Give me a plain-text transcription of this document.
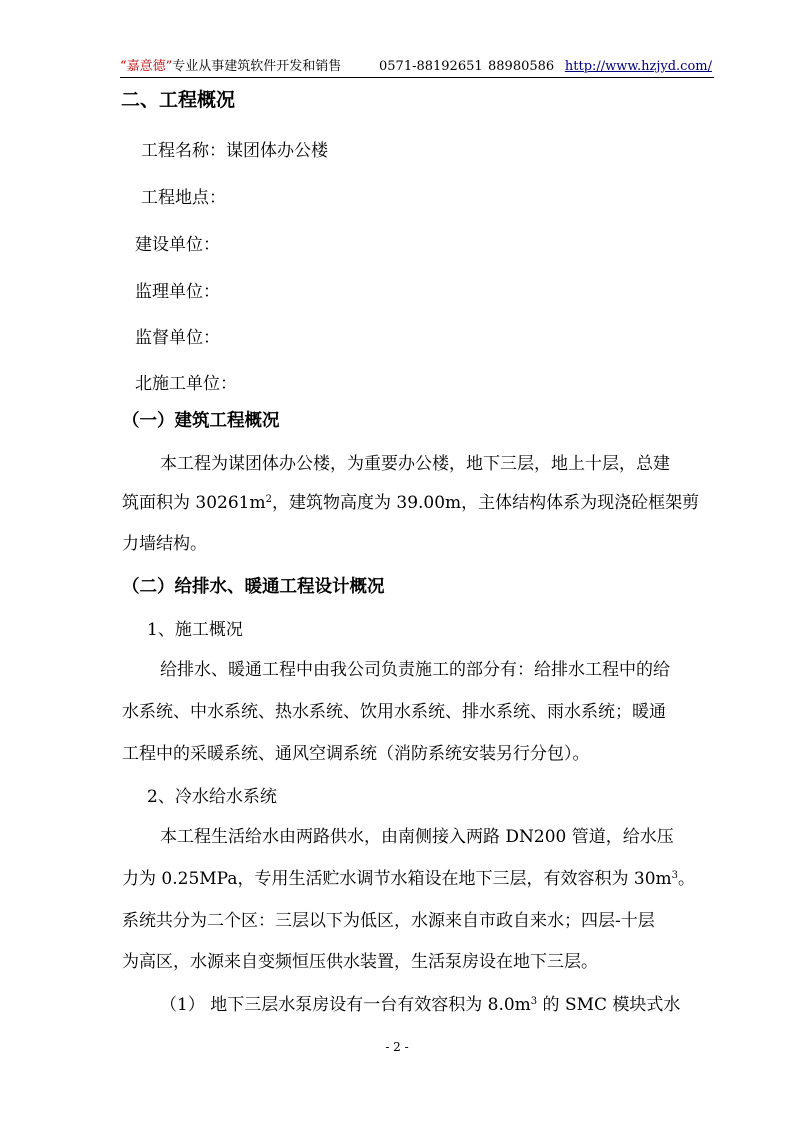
“嘉意德”专业从事建筑软件开发和销售	0571-88192651 88980586 http://www.hzjyd.com/
二、工程概况
工程名称：谋团体办公楼
工程地点：
建设单位：
监理单位：
监督单位：
北施工单位：
（一）建筑工程概况
本工程为谋团体办公楼，为重要办公楼，地下三层，地上十层，总建
筑面积为 $30261m^2$，建筑物高度为 39.00m，主体结构体系为现浇砼框架剪
力墙结构。
（二）给排水、暖通工程设计概况
1、施工概况
给排水、暖通工程中由我公司负责施工的部分有：给排水工程中的给
水系统、中水系统、热水系统、饮用水系统、排水系统、雨水系统；暖通
工程中的采暖系统、通风空调系统（消防系统安装另行分包）。
2、冷水给水系统
本工程生活给水由两路供水，由南侧接入两路 DN200 管道，给水压
力为 0.25MPa，专用生活贮水调节水箱设在地下三层，有效容积为 $30m^3$。
系统共分为二个区：三层以下为低区，水源来自市政自来水；四层-十层
为高区，水源来自变频恒压供水装置，生活泵房设在地下三层。
（1） 地下三层水泵房设有一台有效容积为 $8.0m^3$ 的 SMC 模块式水
- 2 -
